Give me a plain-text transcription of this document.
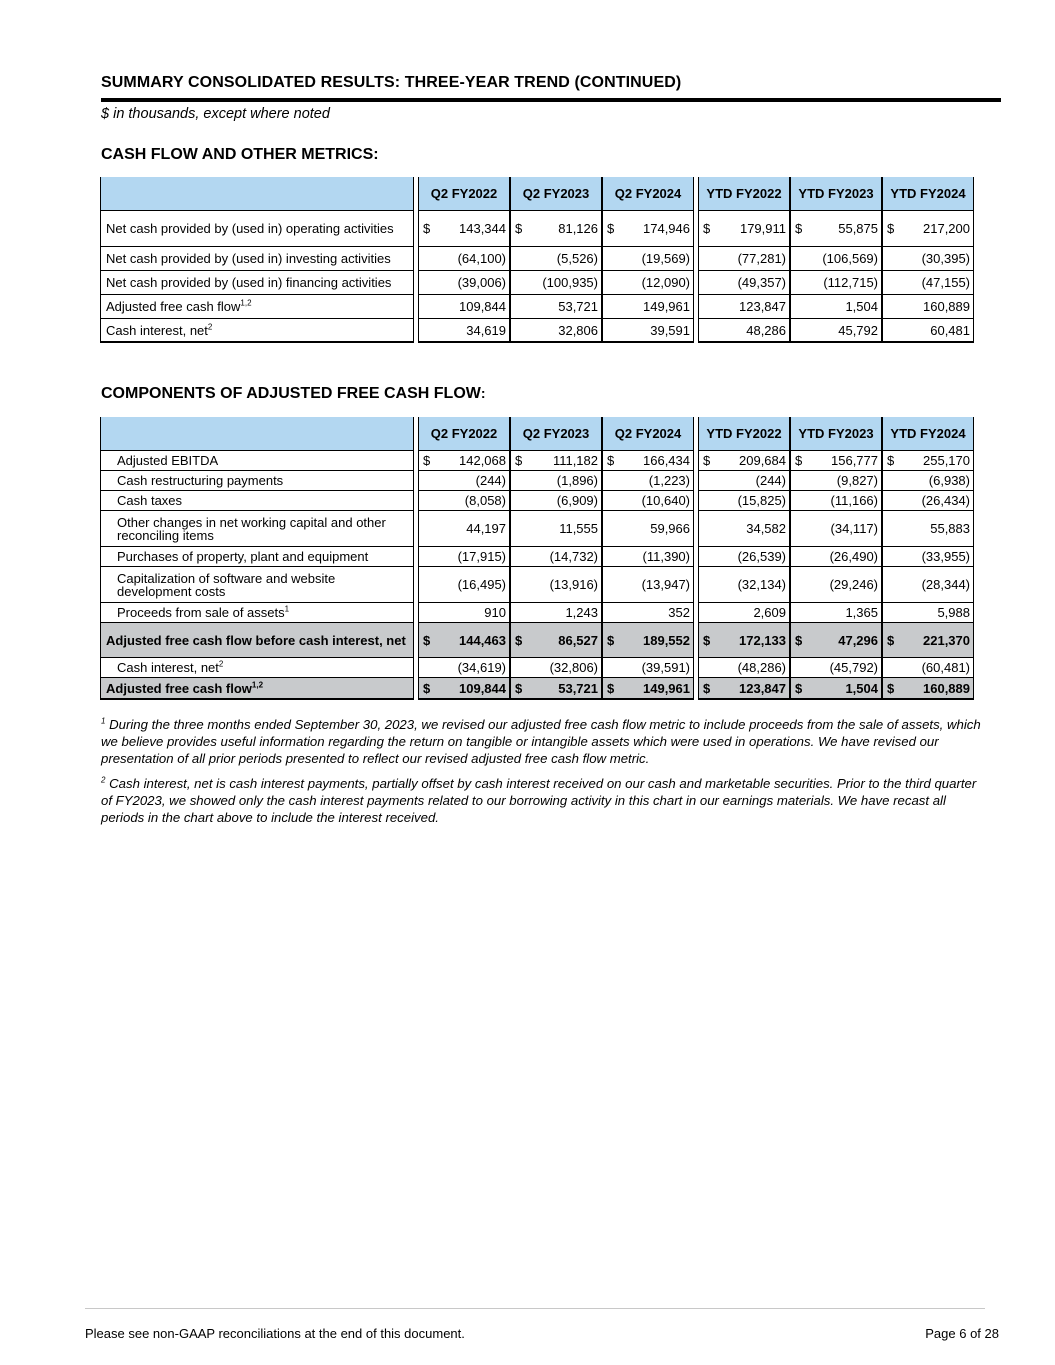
SUMMARY CONSOLIDATED RESULTS: THREE-YEAR TREND (CONTINUED)
$ in thousands, except where noted
CASH FLOW AND OTHER METRICS:
		Q2 FY2022	Q2 FY2023	Q2 FY2024		YTD FY2022	YTD FY2023	YTD FY2024
Net cash provided by (used in) operating activities		$ 143,344	$ 81,126	$ 174,946		$ 179,911	$ 55,875	$ 217,200

Net cash provided by (used in) investing activities		(64,100)	(5,526)	(19,569)		(77,281)	(106,569)	(30,395)

Net cash provided by (used in) financing activities		(39,006)	(100,935)	(12,090)		(49,357)	(112,715)	(47,155)

Adjusted free cash flow$^{1,2}$		109,844	53,721	149,961		123,847	1,504	160,889

Cash interest, net$^2$		34,619	32,806	39,591		48,286	45,792	60,481
COMPONENTS OF ADJUSTED FREE CASH FLOW:
		Q2 FY2022	Q2 FY2023	Q2 FY2024		YTD FY2022	YTD FY2023	YTD FY2024
Adjusted EBITDA		$ 142,068	$ 111,182	$ 166,434		$ 209,684	$ 156,777	$ 255,170

Cash restructuring payments		(244)	(1,896)	(1,223)		(244)	(9,827)	(6,938)

Cash taxes		(8,058)	(6,909)	(10,640)		(15,825)	(11,166)	(26,434)

Other changes in net working capital and other reconciling items		44,197	11,555	59,966		34,582	(34,117)	55,883

Purchases of property, plant and equipment		(17,915)	(14,732)	(11,390)		(26,539)	(26,490)	(33,955)

Capitalization of software and website development costs		(16,495)	(13,916)	(13,947)		(32,134)	(29,246)	(28,344)

Proceeds from sale of assets$^1$		910	1,243	352		2,609	1,365	5,988

Adjusted free cash flow before cash interest, net		$ 144,463	$ 86,527	$ 189,552		$ 172,133	$ 47,296	$ 221,370

Cash interest, net$^2$		(34,619)	(32,806)	(39,591)		(48,286)	(45,792)	(60,481)

Adjusted free cash flow$^{1,2}$		$ 109,844	$ 53,721	$ 149,961		$ 123,847	$ 1,504	$ 160,889
$^1$ During the three months ended September 30, 2023, we revised our adjusted free cash flow metric to include proceeds from the sale of assets, which we believe provides useful information regarding the return on tangible or intangible assets which were used in operations. We have revised our presentation of all prior periods presented to reflect our revised adjusted free cash flow metric.
$^2$ Cash interest, net is cash interest payments, partially offset by cash interest received on our cash and marketable securities. Prior to the third quarter of FY2023, we showed only the cash interest payments related to our borrowing activity in this chart in our earnings materials. We have recast all periods in the chart above to include the interest received.
Please see non-GAAP reconciliations at the end of this document.	Page 6 of 28
